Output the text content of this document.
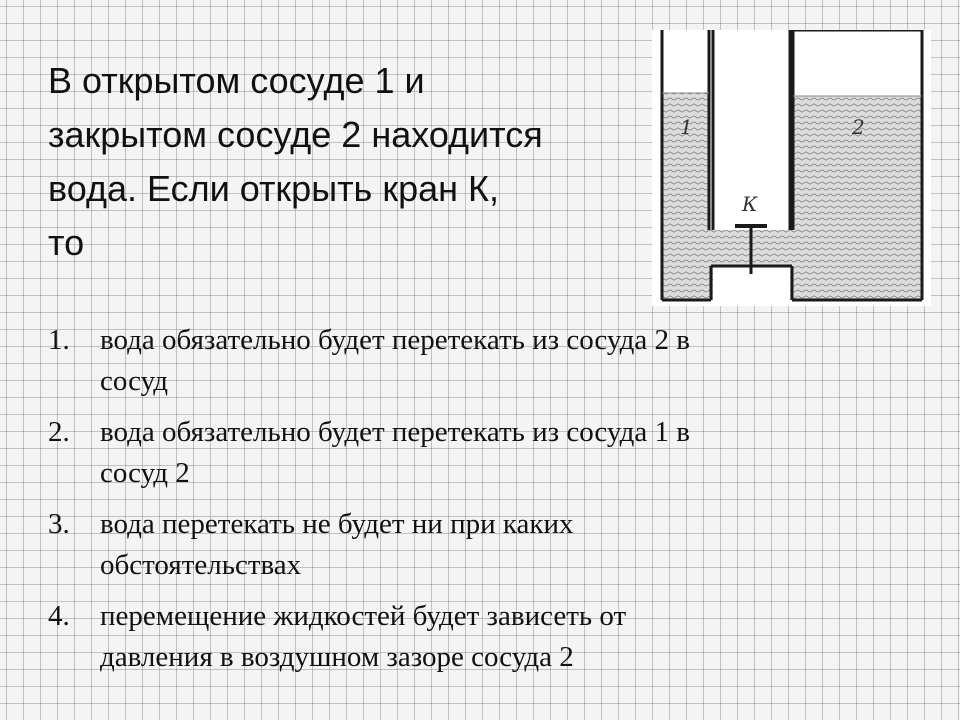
В открытом сосуде 1 и
закрытом сосуде 2 находится
вода. Если открыть кран К,
то
1	2
К
1. вода обязательно будет перетекать из сосуда 2 в
сосуд
2. вода обязательно будет перетекать из сосуда 1 в
сосуд 2
3. вода перетекать не будет ни при каких
обстоятельствах
4. перемещение жидкостей будет зависеть от
давления в воздушном зазоре сосуда 2
